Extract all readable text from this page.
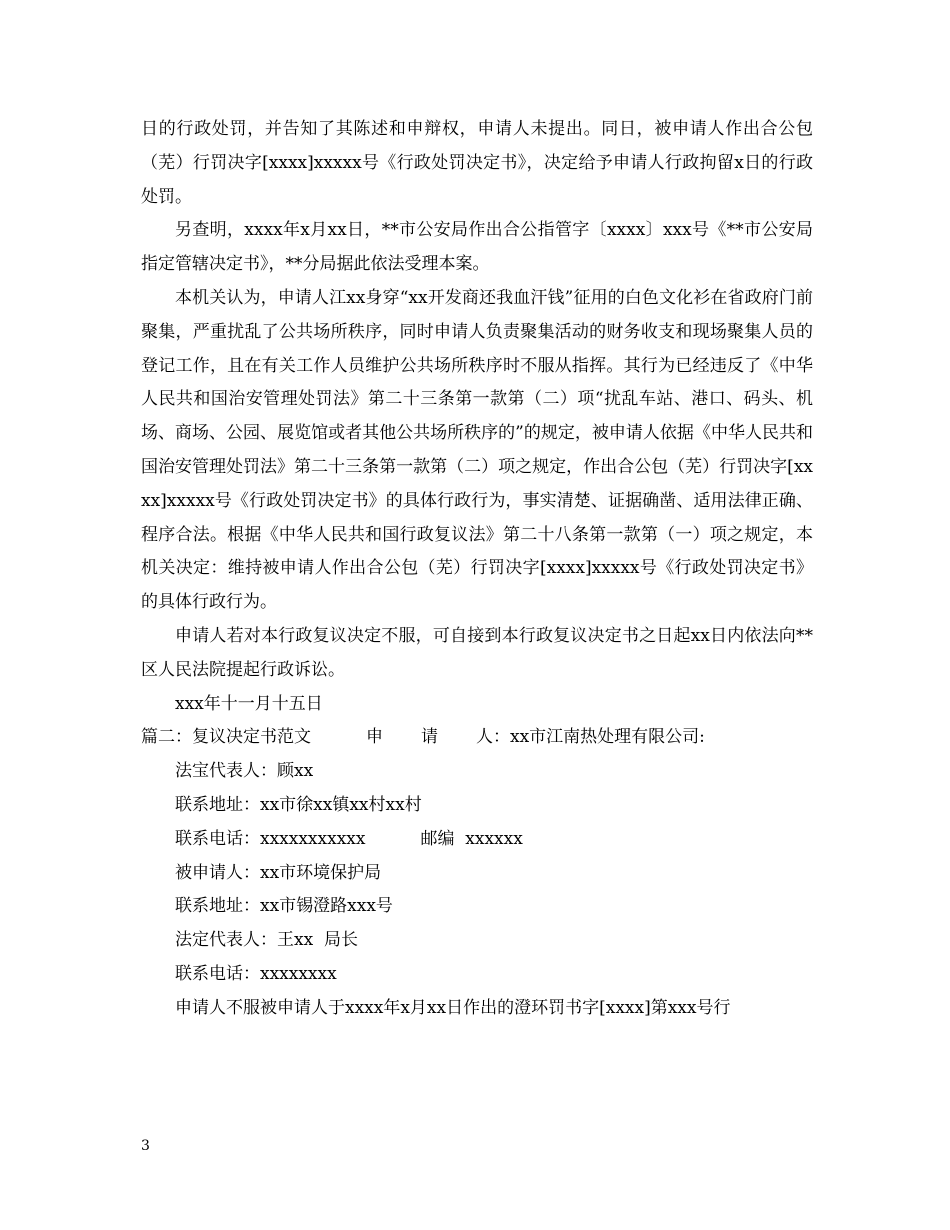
日的行政处罚，并告知了其陈述和申辩权，申请人未提出。同日，被申请人作出合公包（芜）行罚决字[xxxx]xxxxx号《行政处罚决定书》，决定给予申请人行政拘留x日的行政处罚。

另查明，xxxx年x月xx日，**市公安局作出合公指管字〔xxxx〕xxx号《**市公安局指定管辖决定书》，**分局据此依法受理本案。

本机关认为，申请人江xx身穿“xx开发商还我血汗钱”征用的白色文化衫在省政府门前聚集，严重扰乱了公共场所秩序，同时申请人负责聚集活动的财务收支和现场聚集人员的登记工作，且在有关工作人员维护公共场所秩序时不服从指挥。其行为已经违反了《中华人民共和国治安管理处罚法》第二十三条第一款第（二）项“扰乱车站、港口、码头、机场、商场、公园、展览馆或者其他公共场所秩序的”的规定，被申请人依据《中华人民共和国治安管理处罚法》第二十三条第一款第（二）项之规定，作出合公包（芜）行罚决字[xxxx]xxxxx号《行政处罚决定书》的具体行政行为，事实清楚、证据确凿、适用法律正确、程序合法。根据《中华人民共和国行政复议法》第二十八条第一款第（一）项之规定，本机关决定：维持被申请人作出合公包（芜）行罚决字[xxxx]xxxxx号《行政处罚决定书》的具体行政行为。

申请人若对本行政复议决定不服，可自接到本行政复议决定书之日起xx日内依法向**区人民法院提起行政诉讼。

xxx年十一月十五日

篇二：复议决定书范文	申 请 人：xx市江南热处理有限公司:

法宝代表人：顾xx

联系地址：xx市徐xx镇xx村xx村

联系电话：xxxxxxxxxxx	邮编  xxxxxx

被申请人：xx市环境保护局

联系地址：xx市锡澄路xxx号

法定代表人：王xx  局长

联系电话：xxxxxxxx

申请人不服被申请人于xxxx年x月xx日作出的澄环罚书字[xxxx]第xxx号行

3
